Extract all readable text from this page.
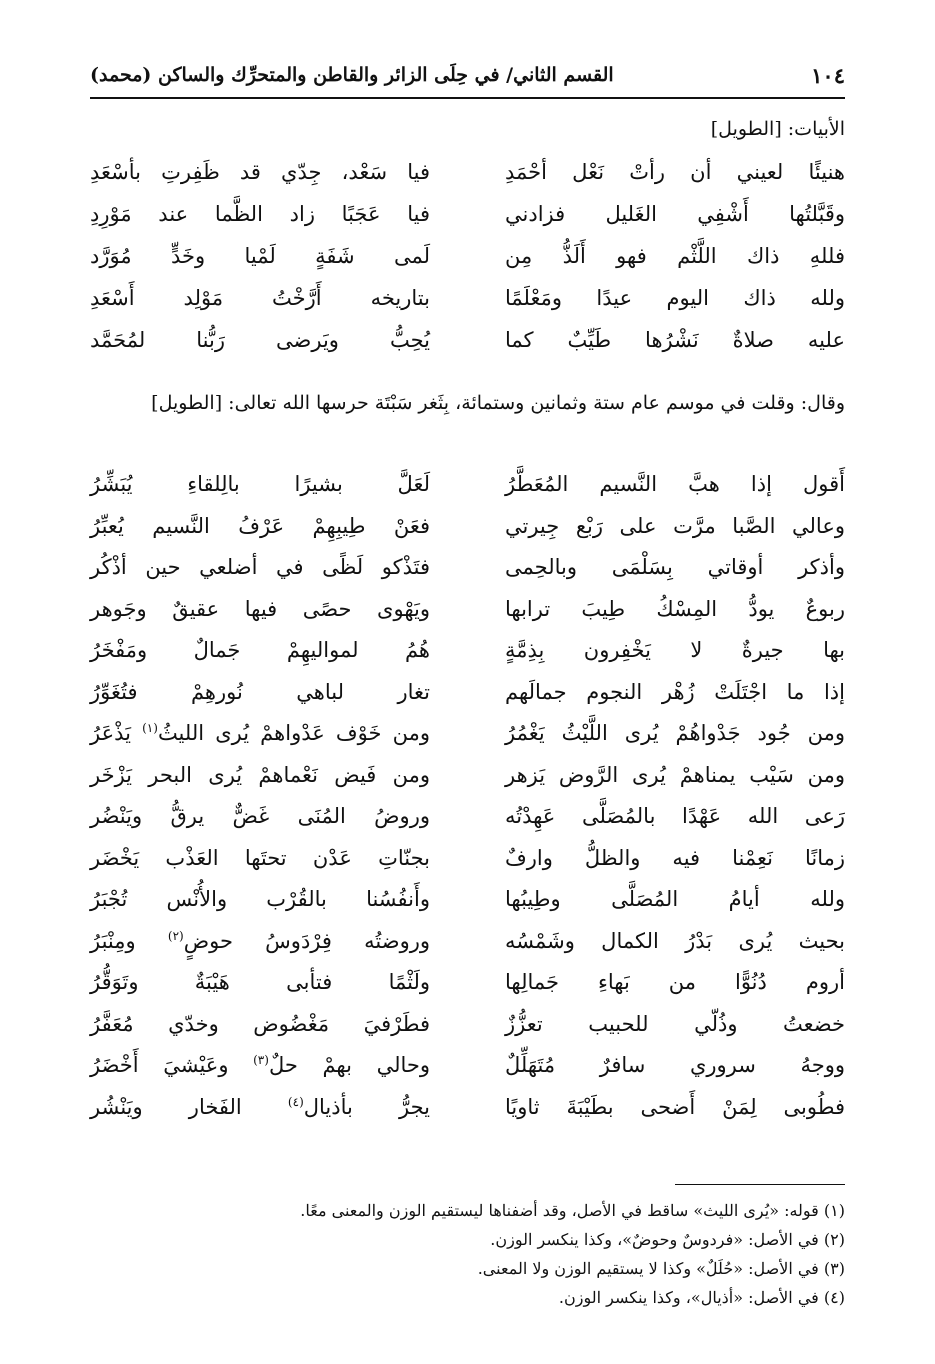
١٠٤
القسم الثاني/ في حِلَى الزائر والقاطن والمتحرِّك والساكن (محمد)
الأبيات: [الطويل]
هنيئًا لعيني أن رأتْ نَعْل أحْمَدِ
فيا سَعْد، جِدّي قد ظَفِرتِ بأسْعَدِ
وقَبَّلتُها أَشْفِي الغَليل فزادني
فيا عَجَبًا زاد الظَّما عند مَوْرِدِ
فللهِ ذاك اللَّثْم فهو أَلَذُّ مِن
لَمى شَفَةٍ لَمْيا وخَدٍّ مُوَرَّد
ولله ذاك اليوم عيدًا ومَعْلَمًا
بتاريخه أَرَّخْتُ مَوْلِد أَسْعَدِ
عليه صلاةٌ نَشْرُها طَيِّبٌ كما
يُحِبُّ ويَرضى رَبُّنا لمُحَمَّد
وقال: وقلت في موسم عام ستة وثمانين وستمائة، بِثَغر سَبْتَة حرسها الله تعالى: [الطويل]
أَقول إذا هبَّ النَّسيم المُعَطَّرُ
لَعَلَّ بشيرًا بالِلقاءِ يُبَشِّرُ
وعالي الصَّبا مرَّت على رَبْع جِيرتي
فعَنْ طِيبِهِمْ عَرْفُ النَّسيم يُعبِّرُ
وأذكر أوقاتي بِسَلْمَى وبالحِمى
فتَذْكو لَظًى في أضلعي حين أذْكُر
ربوعٌ يودُّ المِسْكُ طِيبَ ترابها
ويَهْوى حصًى فيها عقيقٌ وجَوهر
بها جيرةٌ لا يَخْفِرون بِذِمَّةٍ
هُمُ لمواليهِمْ جَمالٌ ومَفْخَرُ
إذا ما اجْتَلَتْ زُهْر النجوم جمالَهم
تغار لباهي نُورهِمْ فتُغَوِّرُ
ومن جُود جَدْواهُمْ يُرى اللَّيْثُ يَغْمُرُ
ومن خَوْف عَدْواهمْ يُرى الليثُ$^{(١)}$ يَذْعَرُ
ومن سَيْب يمناهمْ يُرى الرَّوض يَزهر
ومن فَيض نَعْماهمْ يُرى البحر يَزْخَر
رَعى الله عَهْدًا بالمُصَلَّى عَهِدْتُه
وروضُ المُنَى غَضٌّ يرقُّ ويَنْضُر
زمانًا نَعِمْنا فيه والظلُّ وارفٌ
بجنّاتِ عَدْن تحتَها العَذْب يَخْضَر
ولله أيامُ المُصَلَّى وطِيبُها
وأَنفُسُنا بالقُرْب والأُنْس تُجْبَرُ
بحيث يُرى بَدْرُ الكمال وشَمْسُه
وروضتُه فِرْدَوسُ حوضٍ$^{(٢)}$ ومِنْبَرُ
أروم دُنُوًّا من بَهاءِ جَمالِها
ولَثْمًا فتأبى هَيْبَةٌ وتَوَقُّرُ
خضعتُ وذُلّي للحبيب تعزُّزٌ
فطَرْفيَ مَغْضُوض وخدّي مُعَفَّرُ
ووجهُ سروري سافرٌ مُتَهَلِّلٌ
وحالي بهمْ حلٌ$^{(٣)}$ وعَيْشيَ أَخْضَرُ
فطُوبى لِمَنْ أَضحى بطَيْبَةَ ثاويًا
يجرُّ بأذيال$^{(٤)}$ الفَخار ويَنْشُر
(١) قوله: «يُرى الليث» ساقط في الأصل، وقد أضفناها ليستقيم الوزن والمعنى معًا.
(٢) في الأصل: «فردوسٌ وحوضٌ»، وكذا ينكسر الوزن.
(٣) في الأصل: «حُلَلٌ» وكذا لا يستقيم الوزن ولا المعنى.
(٤) في الأصل: «أذيال»، وكذا ينكسر الوزن.
